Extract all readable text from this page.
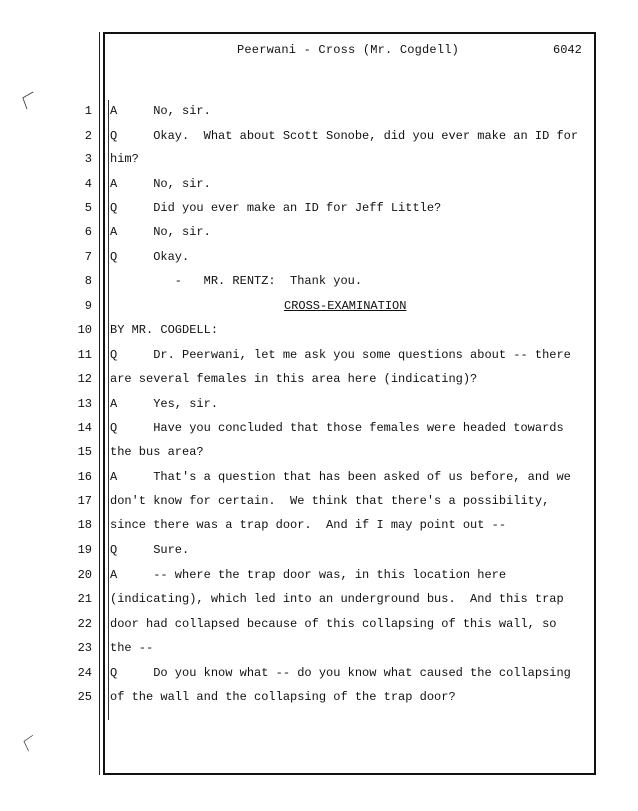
Peerwani - Cross (Mr. Cogdell)	6042
〈
〈
1 A     No, sir.
2 Q     Okay.  What about Scott Sonobe, did you ever make an ID for
3 him?
4 A     No, sir.
5 Q     Did you ever make an ID for Jeff Little?
6 A     No, sir.
7 Q     Okay.
8 -   MR. RENTZ:  Thank you.
9	CROSS-EXAMINATION
10 BY MR. COGDELL:
11 Q     Dr. Peerwani, let me ask you some questions about -- there
12 are several females in this area here (indicating)?
13 A     Yes, sir.
14 Q     Have you concluded that those females were headed towards
15 the bus area?
16 A     That's a question that has been asked of us before, and we
17 don't know for certain.  We think that there's a possibility,
18 since there was a trap door.  And if I may point out --
19 Q     Sure.
20 A     -- where the trap door was, in this location here
21 (indicating), which led into an underground bus.  And this trap
22 door had collapsed because of this collapsing of this wall, so
23 the --
24 Q     Do you know what -- do you know what caused the collapsing
25 of the wall and the collapsing of the trap door?
